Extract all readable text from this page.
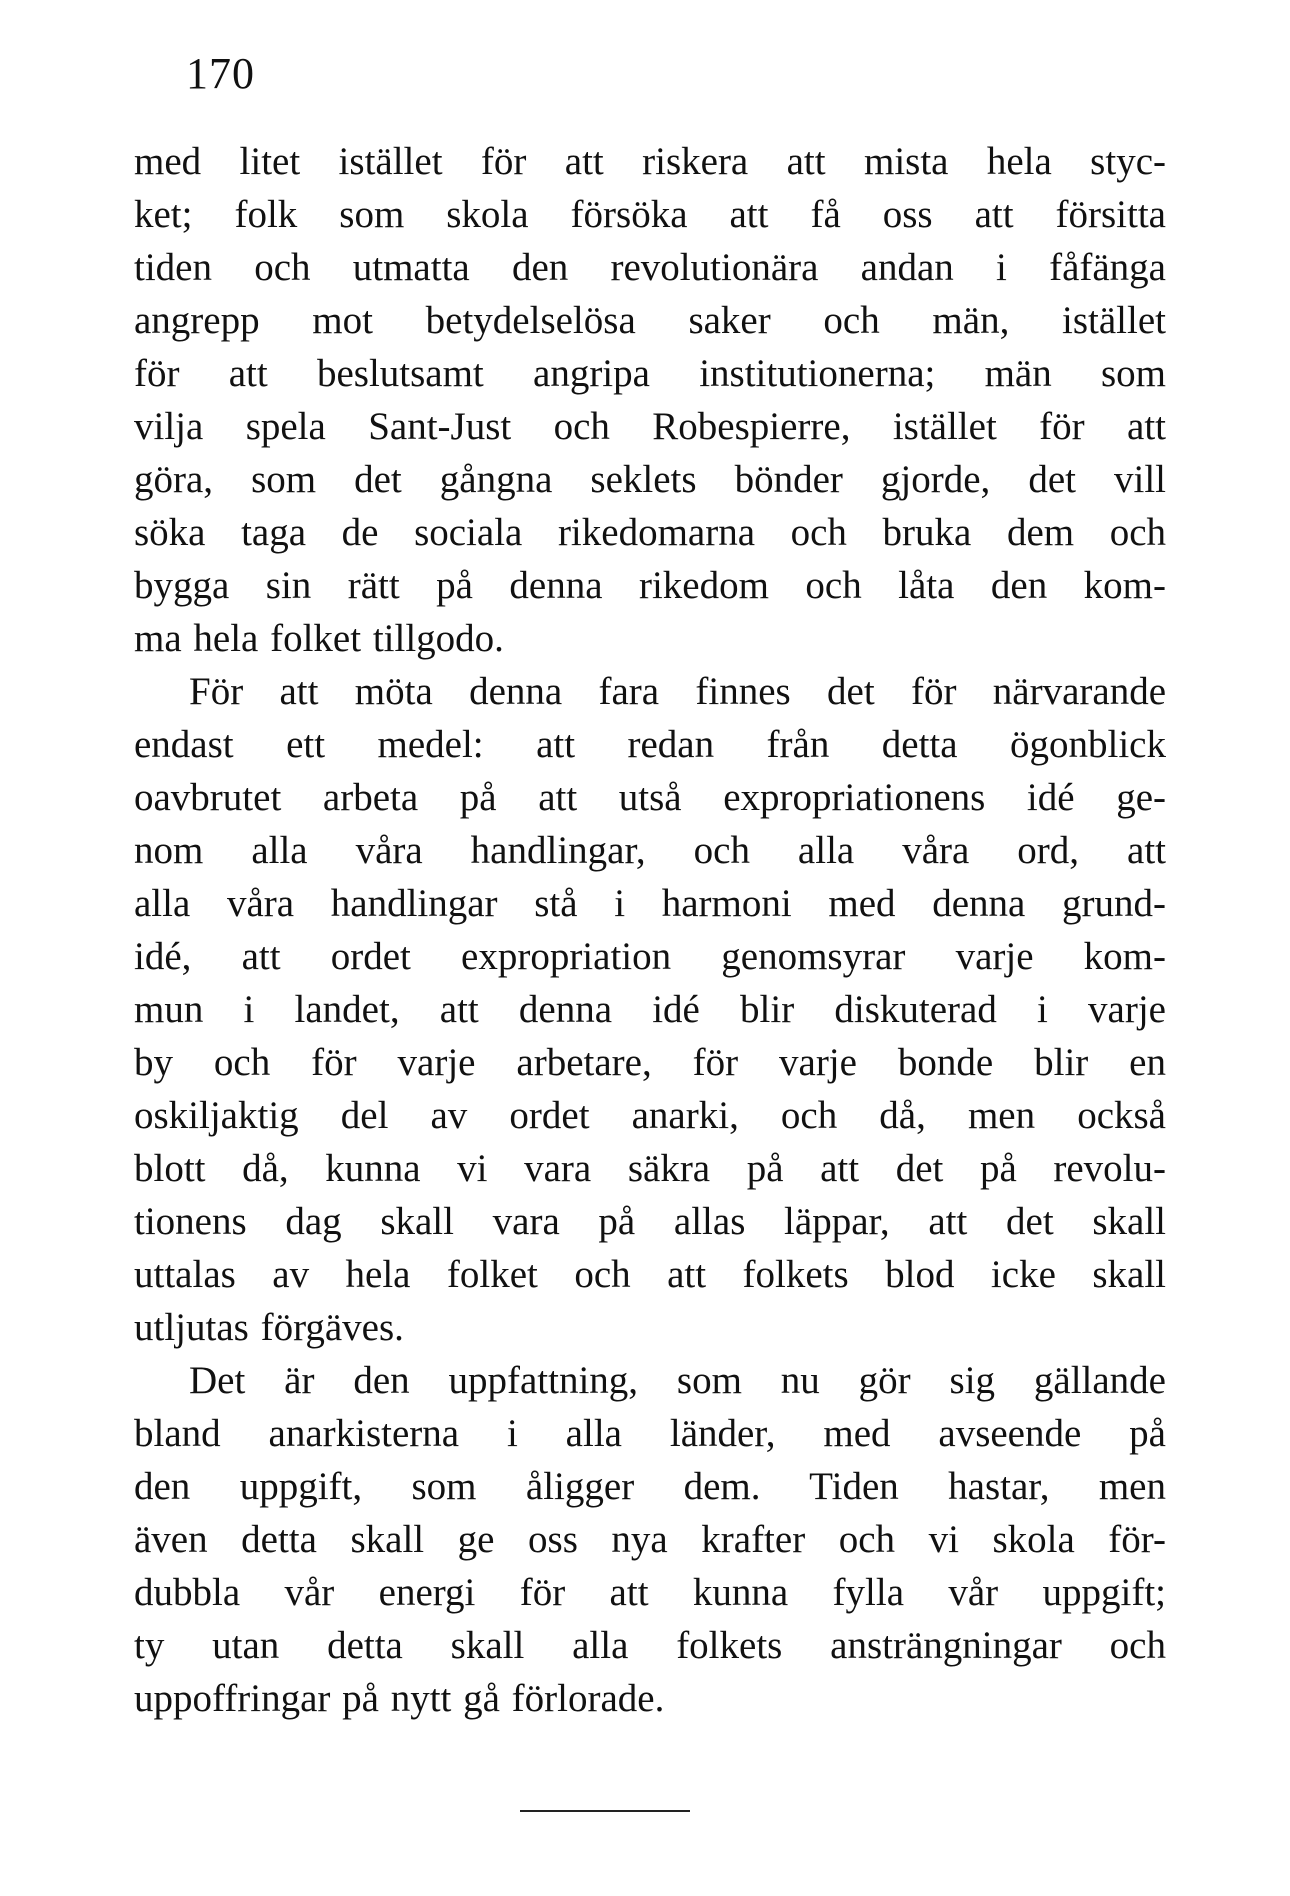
170
med litet istället för att riskera att mista hela styc-
ket; folk som skola försöka att få oss att försitta
tiden och utmatta den revolutionära andan i fåfänga
angrepp mot betydelselösa saker och män, istället
för att beslutsamt angripa institutionerna; män som
vilja spela Sant-Just och Robespierre, istället för att
göra, som det gångna seklets bönder gjorde, det vill
söka taga de sociala rikedomarna och bruka dem och
bygga sin rätt på denna rikedom och låta den kom-
ma hela folket tillgodo.
För att möta denna fara finnes det för närvarande
endast ett medel: att redan från detta ögonblick
oavbrutet arbeta på att utså expropriationens idé ge-
nom alla våra handlingar, och alla våra ord, att
alla våra handlingar stå i harmoni med denna grund-
idé, att ordet expropriation genomsyrar varje kom-
mun i landet, att denna idé blir diskuterad i varje
by och för varje arbetare, för varje bonde blir en
oskiljaktig del av ordet anarki, och då, men också
blott då, kunna vi vara säkra på att det på revolu-
tionens dag skall vara på allas läppar, att det skall
uttalas av hela folket och att folkets blod icke skall
utljutas förgäves.
Det är den uppfattning, som nu gör sig gällande
bland anarkisterna i alla länder, med avseende på
den uppgift, som åligger dem. Tiden hastar, men
även detta skall ge oss nya krafter och vi skola för-
dubbla vår energi för att kunna fylla vår uppgift;
ty utan detta skall alla folkets ansträngningar och
uppoffringar på nytt gå förlorade.
